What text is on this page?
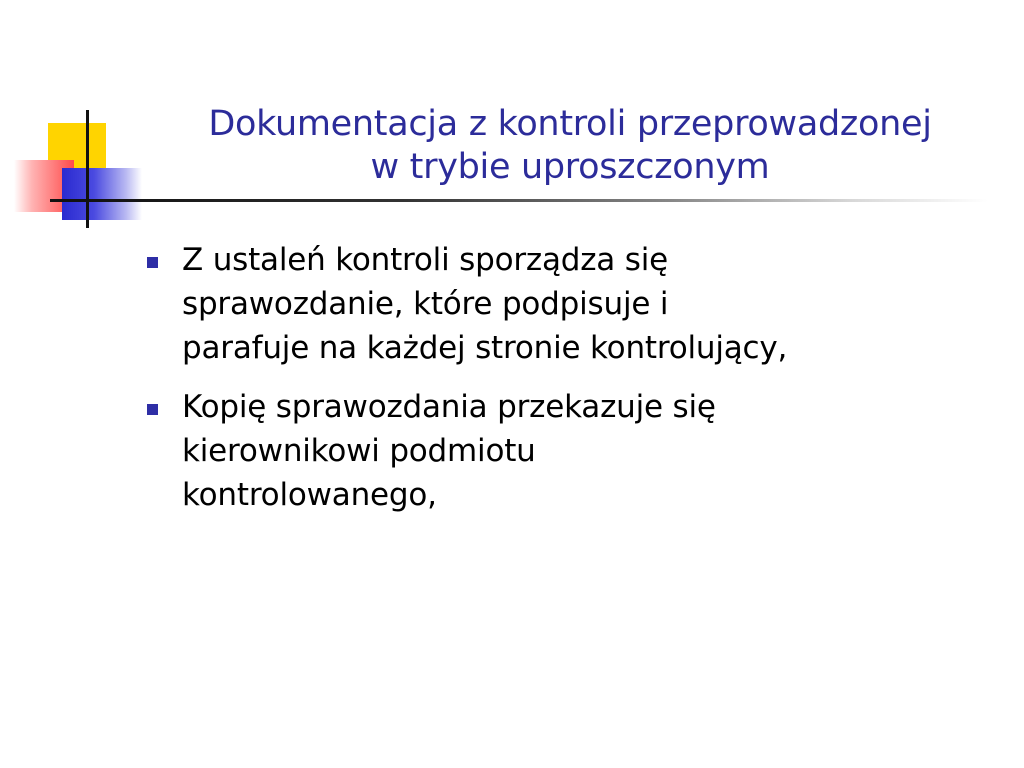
Dokumentacja z kontroli przeprowadzonej
w trybie uproszczonym
Z ustaleń kontroli sporządza się
sprawozdanie, które podpisuje i
parafuje na każdej stronie kontrolujący,
Kopię sprawozdania przekazuje się
kierownikowi podmiotu
kontrolowanego,
